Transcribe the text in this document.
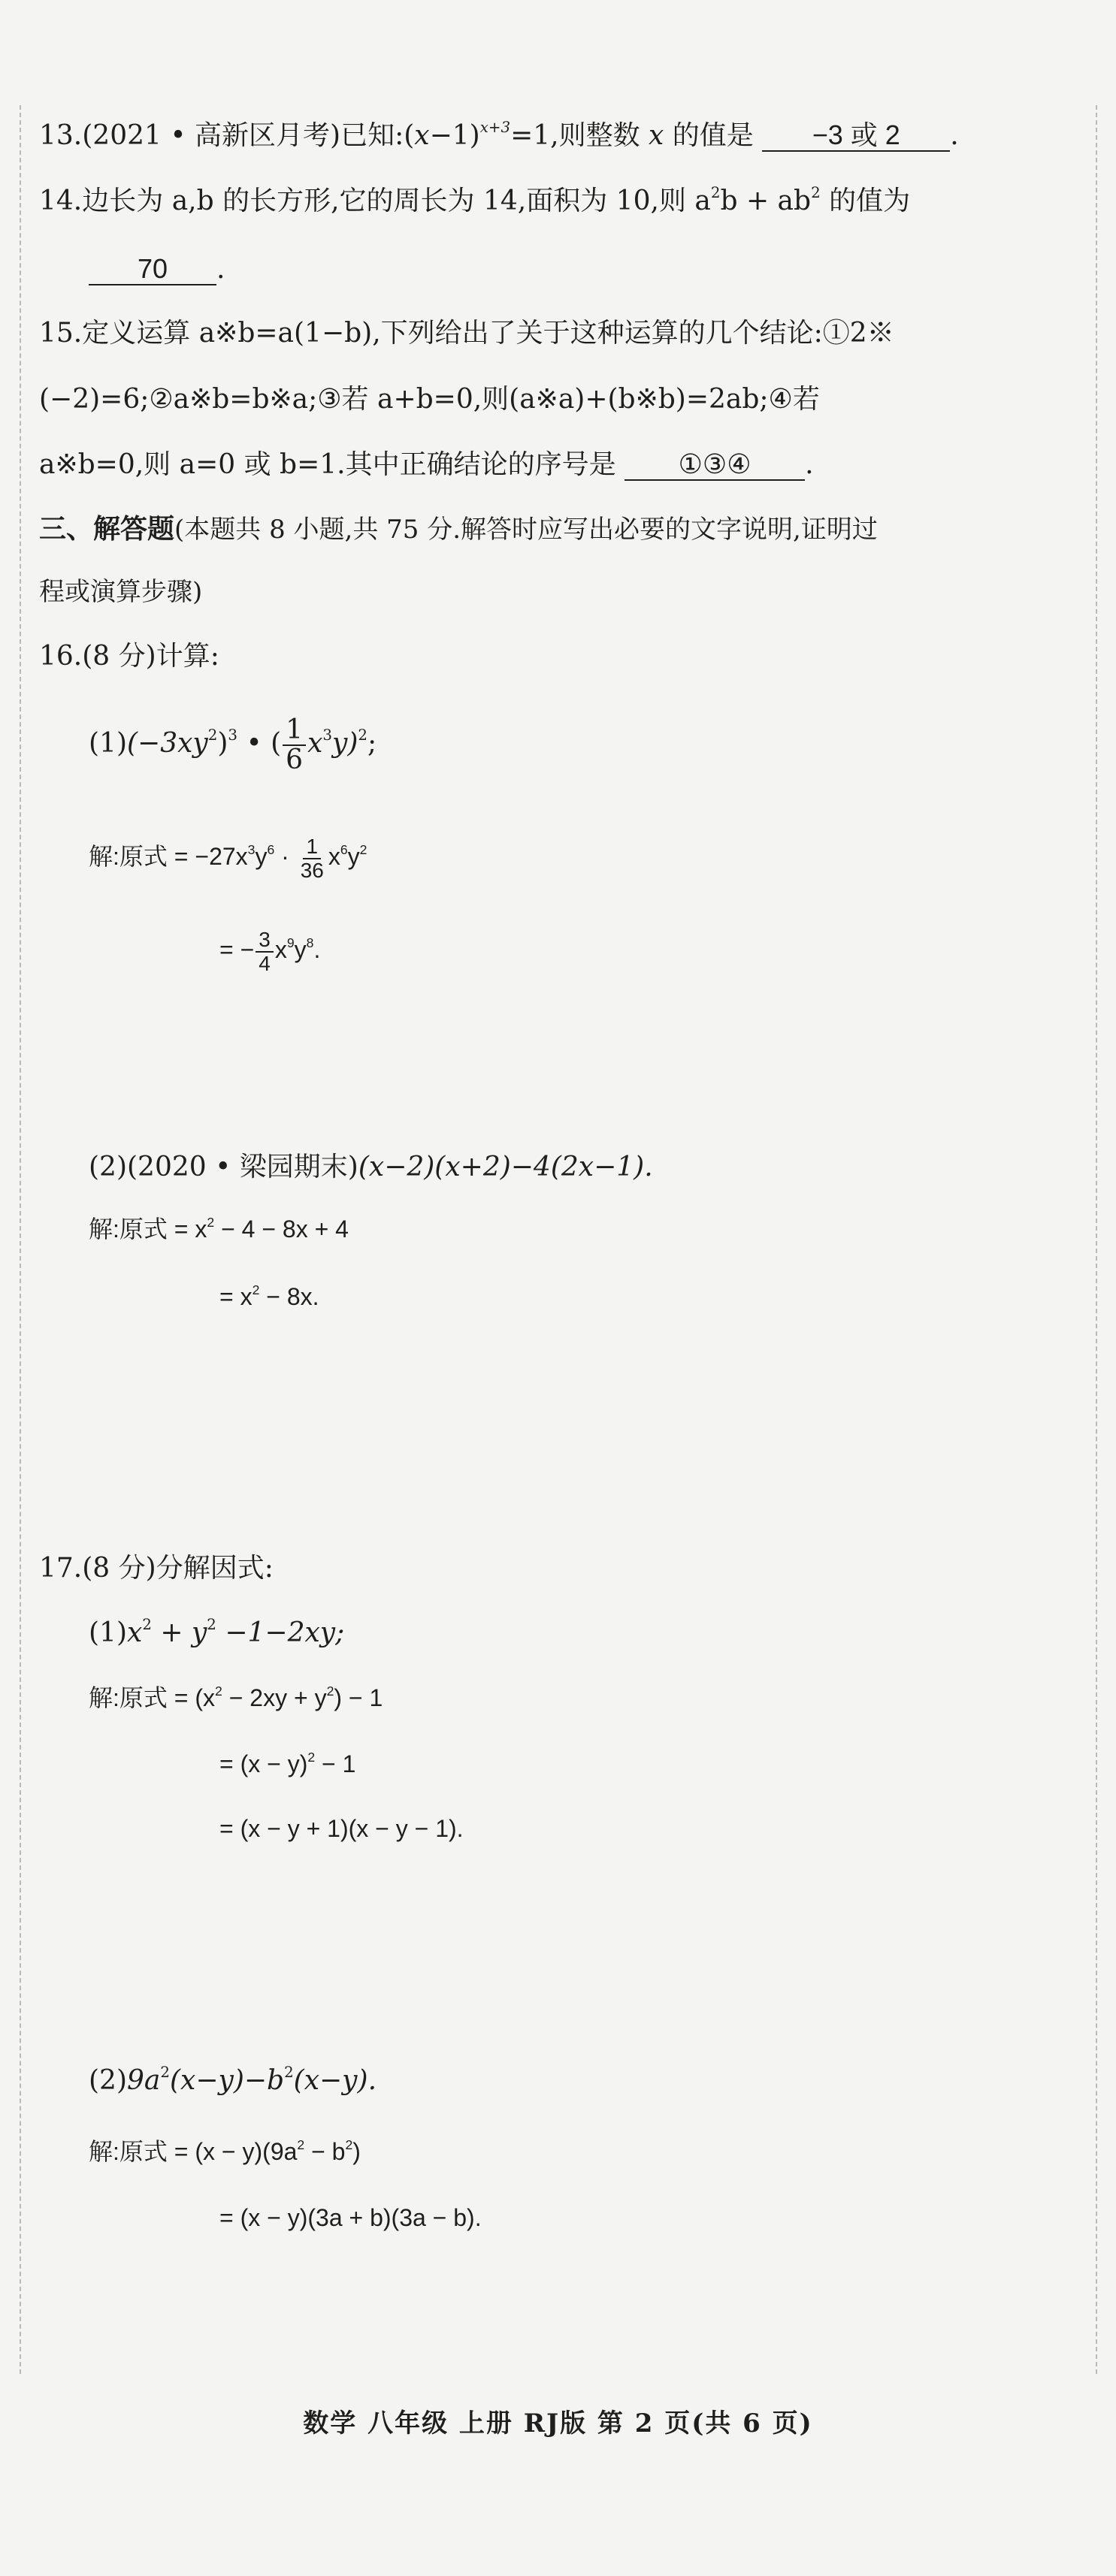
13.(2021 • 高新区月考)已知$:(x-1)^{x+3}=1$,则整数 x 的值是 −3 或 2 .
14.边长为 a,b 的长方形,它的周长为 14,面积为 10,则 $a^2b + ab^2$ 的值为
70 .
15.定义运算 a※b=a(1−b),下列给出了关于这种运算的几个结论:①2※
(−2)=6;②a※b=b※a;③若 a+b=0,则(a※a)+(b※b)=2ab;④若
a※b=0,则 a=0 或 b=1.其中正确结论的序号是 ①③④ .
三、解答题(本题共 8 小题,共 75 分.解答时应写出必要的文字说明,证明过
程或演算步骤)
16.(8 分)计算:
$(1)(-3xy^2)^3$ • ( $\frac{1}{6} x^3y)^2$;
解:原式 = $-27x^3y^6 \cdot \frac{1}{36} x^6y^2$
= − $\frac{3}{4} x^9y^8$.
(2)(2020 • 梁园期末)(x−2)(x+2)−4(2x−1).
解:原式 = $x^2 - 4 - 8x + 4$
= $x^2 - 8x$.
17.(8 分)分解因式:
$(1)x^2 + y^2 -1-2xy$;
解:原式 = $(x^2 - 2xy + y^2) - 1$
= $(x - y)^2 - 1$
= (x − y + 1)(x − y − 1).
$(2)9a^2(x-y)-b^2(x-y)$.
解:原式 = $(x - y)(9a^2 - b^2)$
= (x − y)(3a + b)(3a − b).
数学 八年级 上册 RJ版 第 2 页(共 6 页)
